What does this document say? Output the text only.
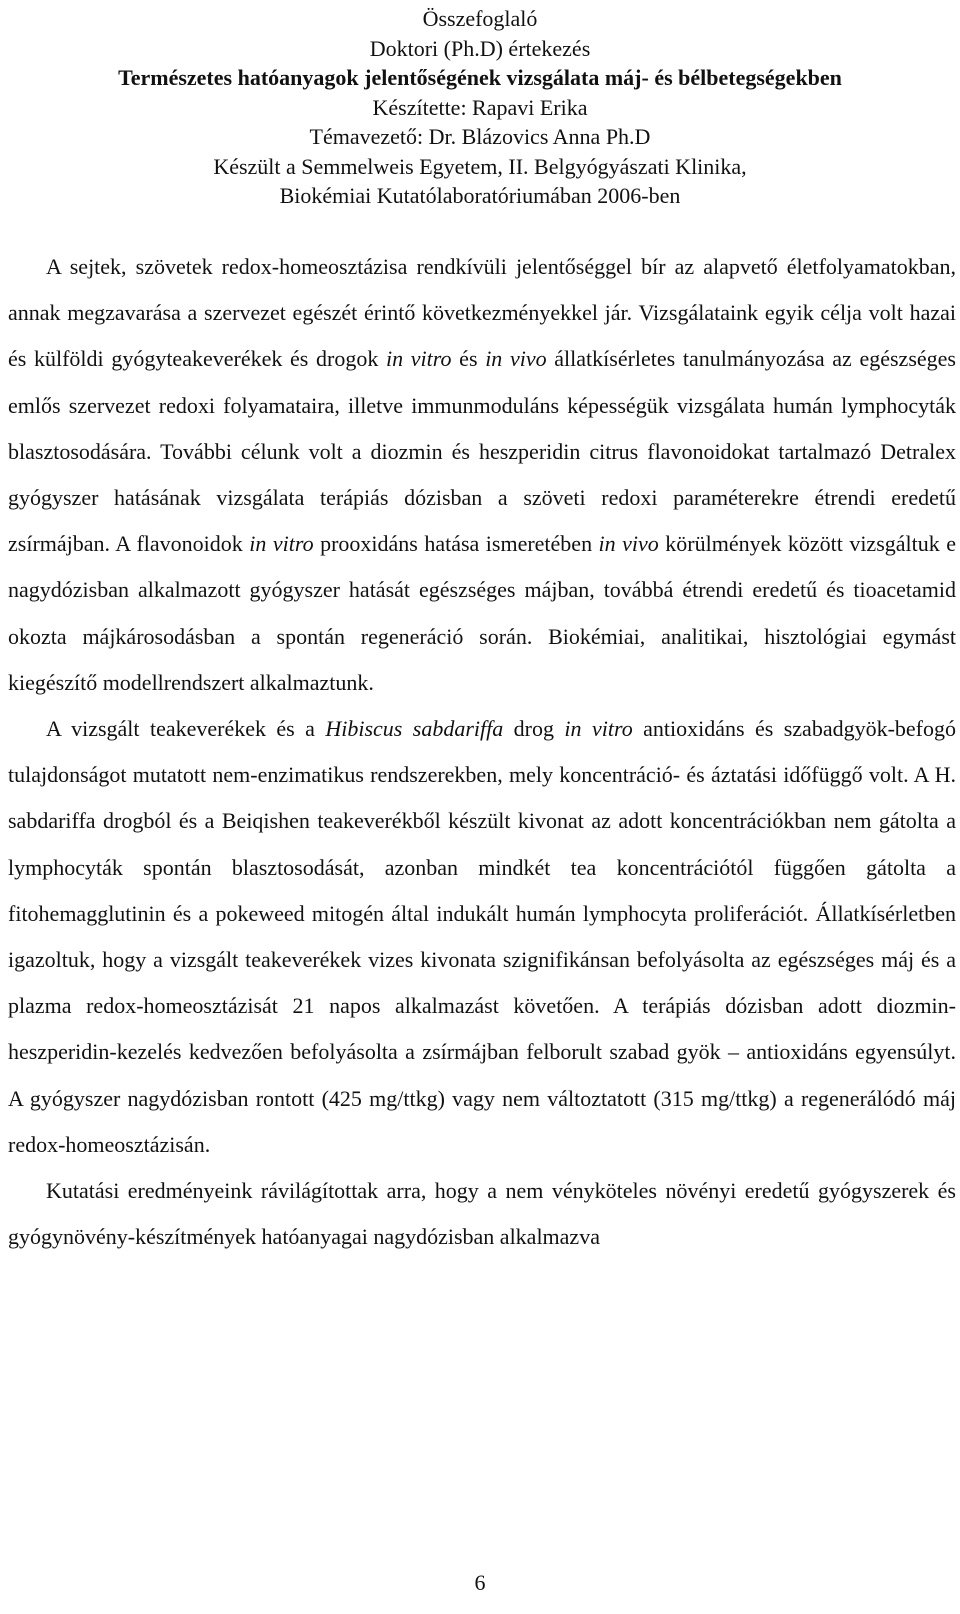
Összefoglaló
Doktori (Ph.D) értekezés
Természetes hatóanyagok jelentőségének vizsgálata máj- és bélbetegségekben
Készítette: Rapavi Erika
Témavezető: Dr. Blázovics Anna Ph.D
Készült a Semmelweis Egyetem, II. Belgyógyászati Klinika,
Biokémiai Kutatólaboratóriumában 2006-ben

A sejtek, szövetek redox-homeosztázisa rendkívüli jelentőséggel bír az alapvető életfolyamatokban, annak megzavarása a szervezet egészét érintő következményekkel jár. Vizsgálataink egyik célja volt hazai és külföldi gyógyteakeverékek és drogok in vitro és in vivo állatkísérletes tanulmányozása az egészséges emlős szervezet redoxi folyamataira, illetve immunmoduláns képességük vizsgálata humán lymphocyták blasztosodására. További célunk volt a diozmin és heszperidin citrus flavonoidokat tartalmazó Detralex gyógyszer hatásának vizsgálata terápiás dózisban a szöveti redoxi paraméterekre étrendi eredetű zsírmájban. A flavonoidok in vitro prooxidáns hatása ismeretében in vivo körülmények között vizsgáltuk e nagydózisban alkalmazott gyógyszer hatását egészséges májban, továbbá étrendi eredetű és tioacetamid okozta májkárosodásban a spontán regeneráció során. Biokémiai, analitikai, hisztológiai egymást kiegészítő modellrendszert alkalmaztunk.

A vizsgált teakeverékek és a Hibiscus sabdariffa drog in vitro antioxidáns és szabadgyök-befogó tulajdonságot mutatott nem-enzimatikus rendszerekben, mely koncentráció- és áztatási időfüggő volt. A H. sabdariffa drogból és a Beiqishen teakeverékből készült kivonat az adott koncentrációkban nem gátolta a lymphocyták spontán blasztosodását, azonban mindkét tea koncentrációtól függően gátolta a fitohemagglutinin és a pokeweed mitogén által indukált humán lymphocyta proliferációt. Állatkísérletben igazoltuk, hogy a vizsgált teakeverékek vizes kivonata szignifikánsan befolyásolta az egészséges máj és a plazma redox-homeosztázisát 21 napos alkalmazást követően. A terápiás dózisban adott diozmin-heszperidin-kezelés kedvezően befolyásolta a zsírmájban felborult szabad gyök – antioxidáns egyensúlyt. A gyógyszer nagydózisban rontott (425 mg/ttkg) vagy nem változtatott (315 mg/ttkg) a regenerálódó máj redox-homeosztázisán.

Kutatási eredményeink rávilágítottak arra, hogy a nem vényköteles növényi eredetű gyógyszerek és gyógynövény-készítmények hatóanyagai nagydózisban alkalmazva

6
